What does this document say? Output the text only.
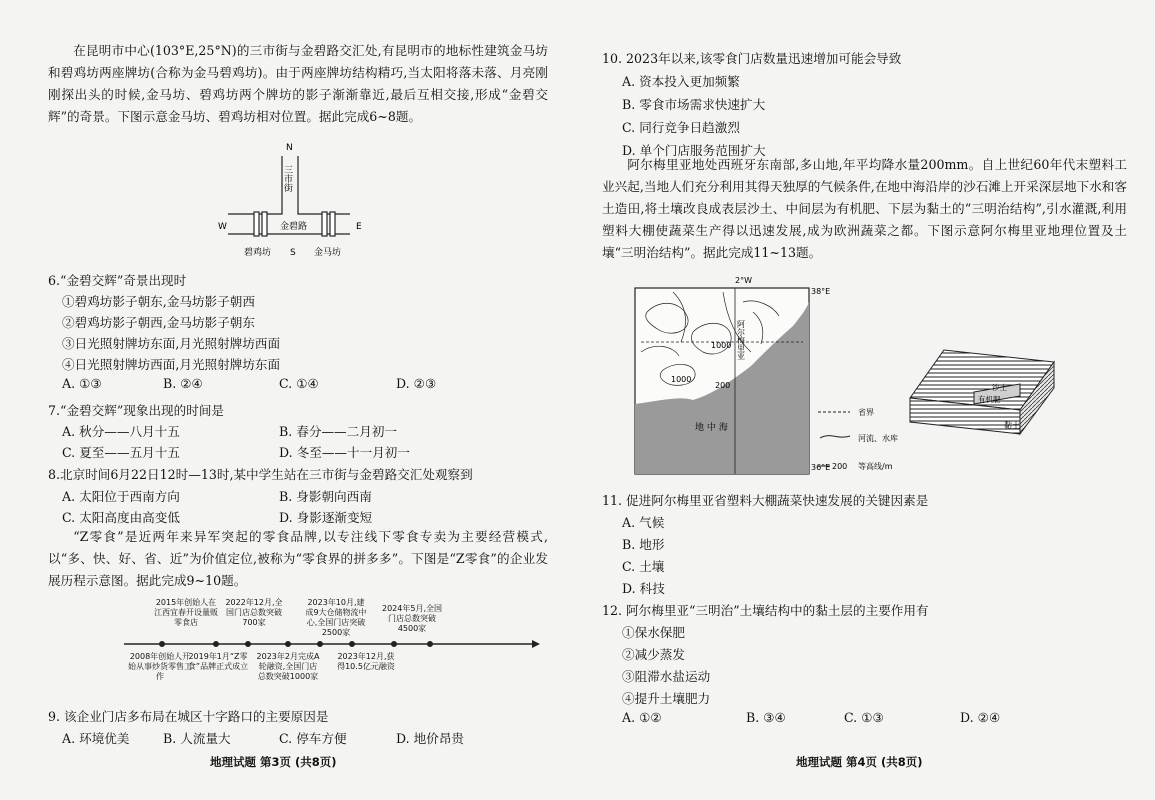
在昆明市中心(103°E,25°N)的三市街与金碧路交汇处,有昆明市的地标性建筑金马坊和碧鸡坊两座牌坊(合称为金马碧鸡坊)。由于两座牌坊结构精巧,当太阳将落未落、月亮刚刚探出头的时候,金马坊、碧鸡坊两个牌坊的影子渐渐靠近,最后互相交接,形成“金碧交辉”的奇景。下图示意金马坊、碧鸡坊相对位置。据此完成6~8题。

N
三市街
金碧路
W	E
S
碧鸡坊	金马坊
6.“金碧交辉”奇景出现时
①碧鸡坊影子朝东,金马坊影子朝西
②碧鸡坊影子朝西,金马坊影子朝东
③日光照射牌坊东面,月光照射牌坊西面
④日光照射牌坊西面,月光照射牌坊东面
A. ①③	B. ②④	C. ①④	D. ②③
7.“金碧交辉”现象出现的时间是
A. 秋分——八月十五	B. 春分——二月初一
C. 夏至——五月十五	D. 冬至——十一月初一
8.北京时间6月22日12时—13时,某中学生站在三市街与金碧路交汇处观察到
A. 太阳位于西南方向	B. 身影朝向西南
C. 太阳高度由高变低	D. 身影逐渐变短

“Z零食”是近两年来异军突起的零食品牌,以专注线下零食专卖为主要经营模式,以“多、快、好、省、近”为价值定位,被称为“零食界的拼多多”。下图是“Z零食”的企业发展历程示意图。据此完成9~10题。

2015年创始人在江西宜春开设量贩零食店
2022年12月,全国门店总数突破700家
2023年10月,建成9大仓储物流中心,全国门店突破2500家
2024年5月,全国门店总数突破4500家
2008年创始人开始从事炒货零售工作
2019年1月“Z零食”品牌正式成立
2023年2月完成A轮融资,全国门店总数突破1000家
2023年12月,获得10.5亿元融资
9. 该企业门店多布局在城区十字路口的主要原因是
A. 环境优美	B. 人流量大	C. 停车方便	D. 地价昂贵
地理试题 第3页 (共8页)
10. 2023年以来,该零食门店数量迅速增加可能会导致
A. 资本投入更加频繁
B. 零食市场需求快速扩大
C. 同行竞争日趋激烈
D. 单个门店服务范围扩大

阿尔梅里亚地处西班牙东南部,多山地,年平均降水量200mm。自上世纪60年代末塑料工业兴起,当地人们充分利用其得天独厚的气候条件,在地中海沿岸的沙石滩上开采深层地下水和客土造田,将土壤改良成表层沙土、中间层为有机肥、下层为黏土的“三明治结构”,引水灌溉,利用塑料大棚使蔬菜生产得以迅速发展,成为欧洲蔬菜之都。下图示意阿尔梅里亚地理位置及土壤“三明治结构”。据此完成11~13题。

2°W
38°E
36°E
地 中 海
阿尔梅里亚
1000
1000
200
省界
河流、水库
200 等高线/m
沙土
有机肥
黏土
11. 促进阿尔梅里亚省塑料大棚蔬菜快速发展的关键因素是
A. 气候
B. 地形
C. 土壤
D. 科技
12. 阿尔梅里亚“三明治”土壤结构中的黏土层的主要作用有
①保水保肥
②减少蒸发
③阻滞水盐运动
④提升土壤肥力
A. ①②	B. ③④	C. ①③	D. ②④
地理试题 第4页 (共8页)
